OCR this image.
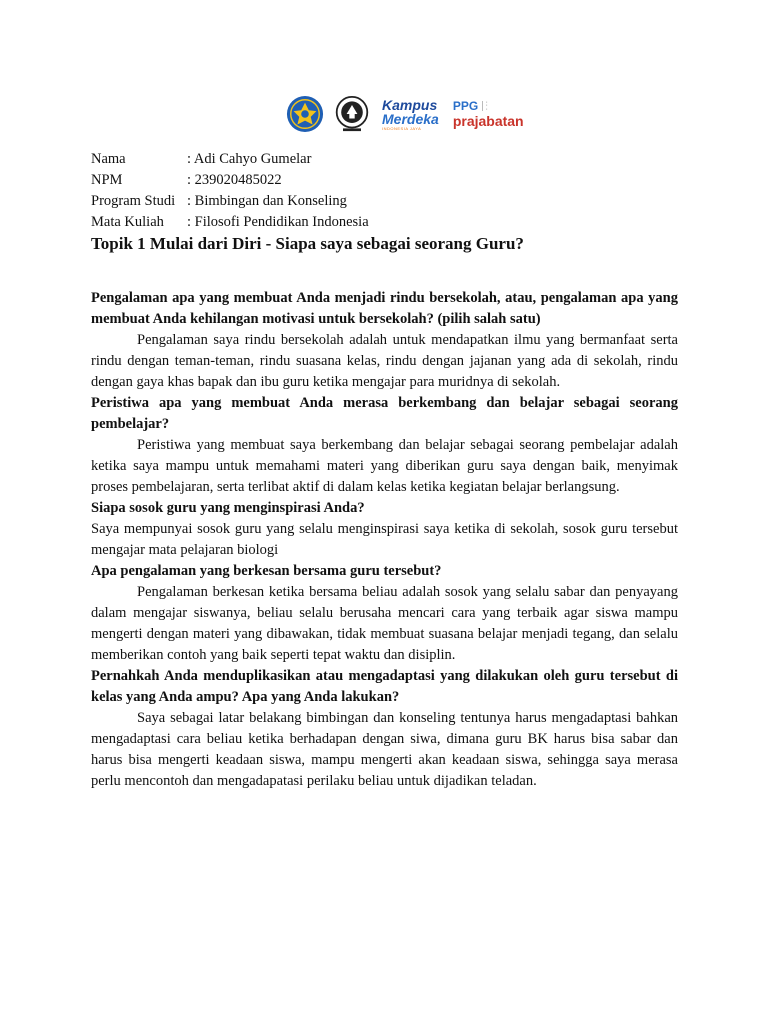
Kampus
Merdeka
INDONESIA JAYA
PPG	▪
▪
▪
prajabatan
Nama	: Adi Cahyo Gumelar
NPM	: 239020485022
Program Studi : Bimbingan dan Konseling
Mata Kuliah	: Filosofi Pendidikan Indonesia
Topik 1 Mulai dari Diri - Siapa saya sebagai seorang Guru?

Pengalaman apa yang membuat Anda menjadi rindu bersekolah, atau, pengalaman apa yang membuat Anda kehilangan motivasi untuk bersekolah? (pilih salah satu)

Pengalaman saya rindu bersekolah adalah untuk mendapatkan ilmu yang bermanfaat serta rindu dengan teman-teman, rindu suasana kelas, rindu dengan jajanan yang ada di sekolah, rindu dengan gaya khas bapak dan ibu guru ketika mengajar para muridnya di sekolah.

Peristiwa apa yang membuat Anda merasa berkembang dan belajar sebagai seorang pembelajar?

Peristiwa yang membuat saya berkembang dan belajar sebagai seorang pembelajar adalah ketika saya mampu untuk memahami materi yang diberikan guru saya dengan baik, menyimak proses pembelajaran, serta terlibat aktif di dalam kelas ketika kegiatan belajar berlangsung.

Siapa sosok guru yang menginspirasi Anda?

Saya mempunyai sosok guru yang selalu menginspirasi saya ketika di sekolah, sosok guru tersebut mengajar mata pelajaran biologi

Apa pengalaman yang berkesan bersama guru tersebut?

Pengalaman berkesan ketika bersama beliau adalah sosok yang selalu sabar dan penyayang dalam mengajar siswanya, beliau selalu berusaha mencari cara yang terbaik agar siswa mampu mengerti dengan materi yang dibawakan, tidak membuat suasana belajar menjadi tegang, dan selalu memberikan contoh yang baik seperti tepat waktu dan disiplin.

Pernahkah Anda menduplikasikan atau mengadaptasi yang dilakukan oleh guru tersebut di kelas yang Anda ampu? Apa yang Anda lakukan?

Saya sebagai latar belakang bimbingan dan konseling tentunya harus mengadaptasi bahkan mengadaptasi cara beliau ketika berhadapan dengan siwa, dimana guru BK harus bisa sabar dan harus bisa mengerti keadaan siswa, mampu mengerti akan keadaan siswa, sehingga saya merasa perlu mencontoh dan mengadapatasi perilaku beliau untuk dijadikan teladan.
